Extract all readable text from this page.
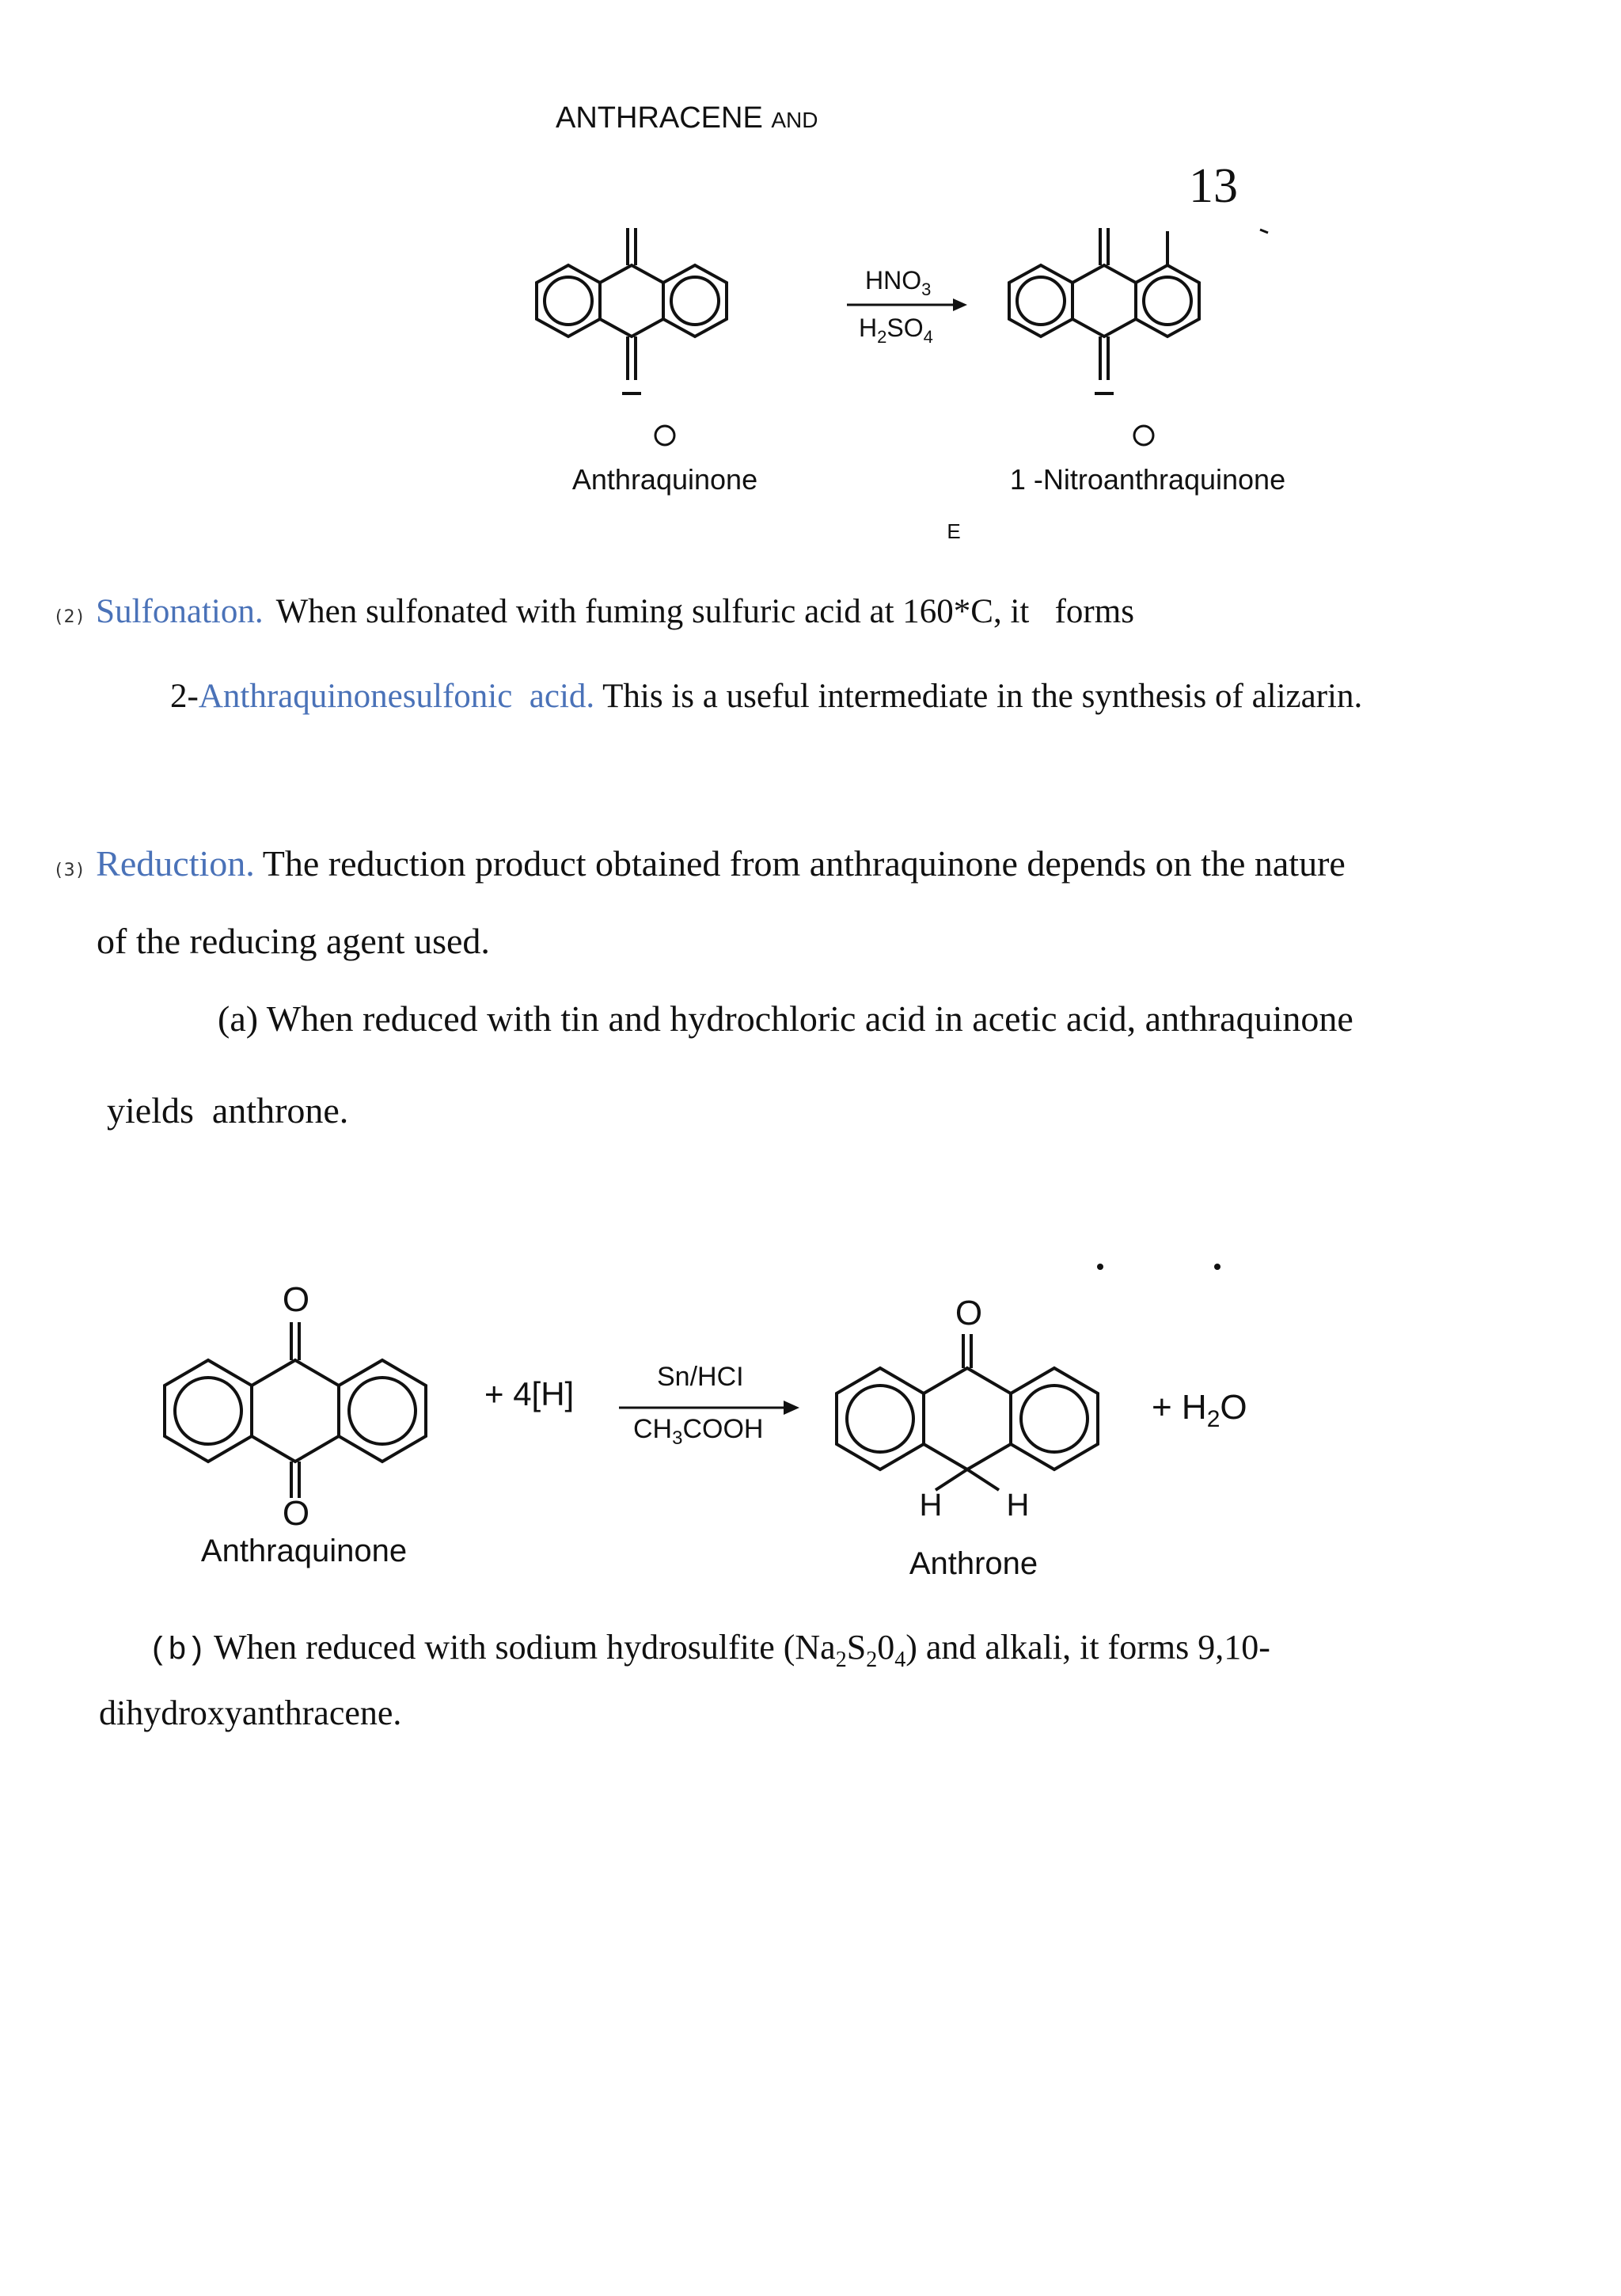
ANTHRACENE AND
13
$HNO_3$
$H_2SO_4$
Anthraquinone	1 -Nitroanthraquinone
E
(2) Sulfonation. When sulfonated with fuming sulfuric acid at 160*C, it   forms
2-Anthraquinonesulfonic  acid. This is a useful intermediate in the synthesis of alizarin.
(3) Reduction. The reduction product obtained from anthraquinone depends on the nature
of the reducing agent used.
(a) When reduced with tin and hydrochloric acid in acetic acid, anthraquinone
yields  anthrone.
O
O
+ 4[H]	Sn/HCI
$CH_3COOH$
O
H H
+ $H_2O$
Anthraquinone	Anthrone
(b) When reduced with sodium hydrosulfite $(Na_2S_20_4)$ and alkali, it forms 9,10-
dihydroxyanthracene.
